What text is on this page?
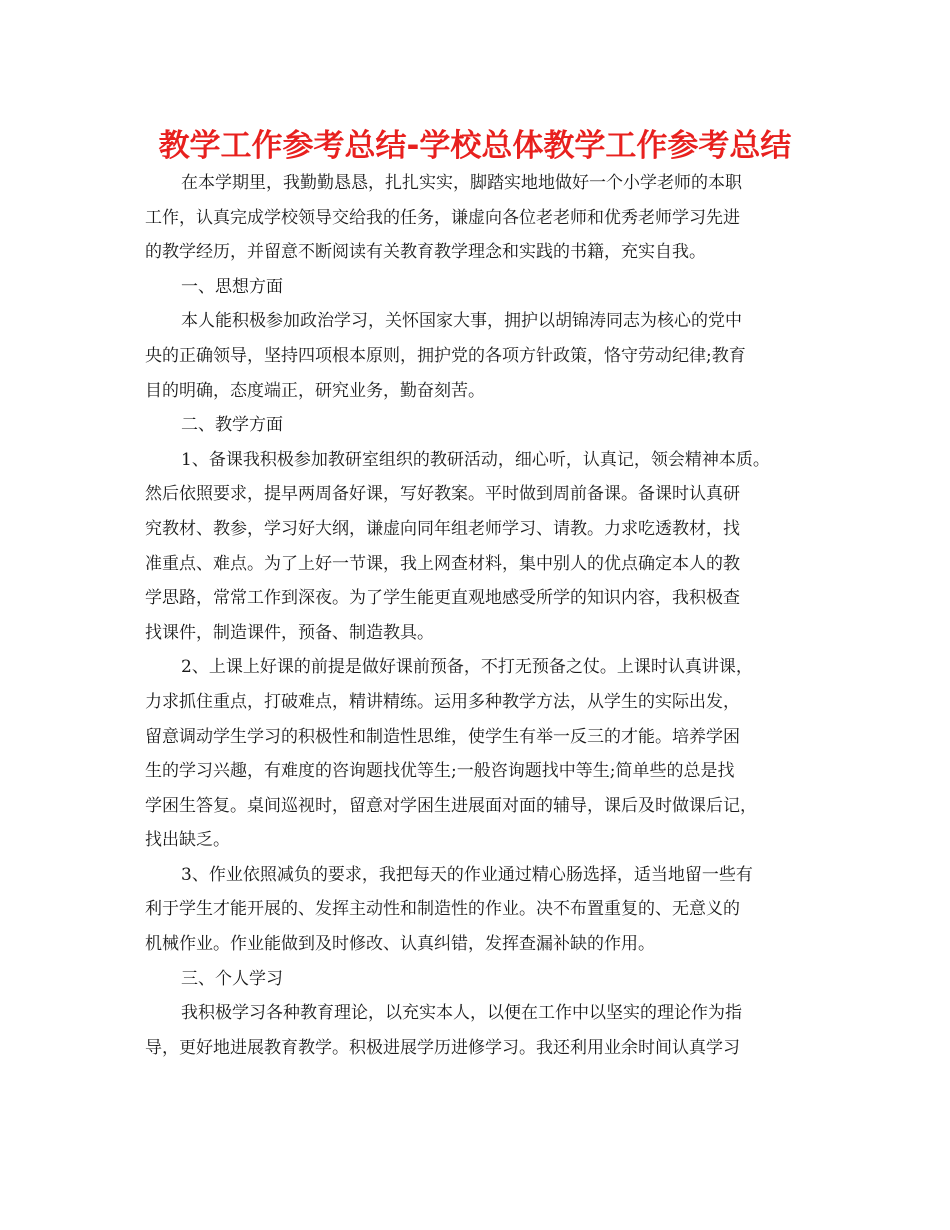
教学工作参考总结-学校总体教学工作参考总结

在本学期里，我勤勤恳恳，扎扎实实，脚踏实地地做好一个小学老师的本职
工作，认真完成学校领导交给我的任务，谦虚向各位老老师和优秀老师学习先进
的教学经历，并留意不断阅读有关教育教学理念和实践的书籍，充实自我。

一、思想方面

本人能积极参加政治学习，关怀国家大事，拥护以胡锦涛同志为核心的党中
央的正确领导，坚持四项根本原则，拥护党的各项方针政策，恪守劳动纪律;教育
目的明确，态度端正，研究业务，勤奋刻苦。

二、教学方面

1、备课我积极参加教研室组织的教研活动，细心听，认真记，领会精神本质。
然后依照要求，提早两周备好课，写好教案。平时做到周前备课。备课时认真研
究教材、教参，学习好大纲，谦虚向同年组老师学习、请教。力求吃透教材，找
准重点、难点。为了上好一节课，我上网查材料，集中别人的优点确定本人的教
学思路，常常工作到深夜。为了学生能更直观地感受所学的知识内容，我积极查
找课件，制造课件，预备、制造教具。

2、上课上好课的前提是做好课前预备，不打无预备之仗。上课时认真讲课，
力求抓住重点，打破难点，精讲精练。运用多种教学方法，从学生的实际出发，
留意调动学生学习的积极性和制造性思维，使学生有举一反三的才能。培养学困
生的学习兴趣，有难度的咨询题找优等生;一般咨询题找中等生;简单些的总是找
学困生答复。桌间巡视时，留意对学困生进展面对面的辅导，课后及时做课后记，
找出缺乏。

3、作业依照减负的要求，我把每天的作业通过精心肠选择，适当地留一些有
利于学生才能开展的、发挥主动性和制造性的作业。决不布置重复的、无意义的
机械作业。作业能做到及时修改、认真纠错，发挥查漏补缺的作用。

三、个人学习

我积极学习各种教育理论，以充实本人，以便在工作中以坚实的理论作为指
导，更好地进展教育教学。积极进展学历进修学习。我还利用业余时间认真学习
